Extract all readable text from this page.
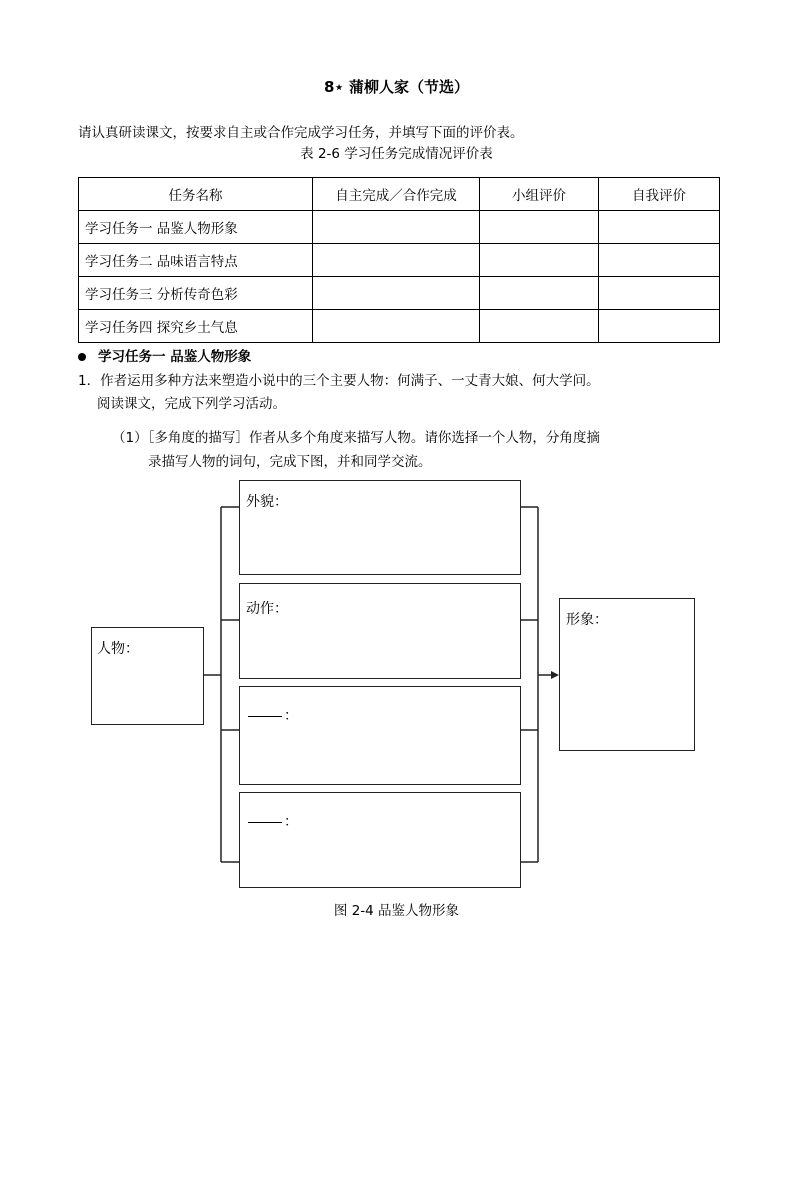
8⋆ 蒲柳人家（节选）
请认真研读课文，按要求自主或合作完成学习任务，并填写下面的评价表。
表 2-6 学习任务完成情况评价表
任务名称	自主完成／合作完成	小组评价	自我评价
学习任务一 品鉴人物形象			
学习任务二 品味语言特点			
学习任务三 分析传奇色彩			
学习任务四 探究乡土气息			
学习任务一 品鉴人物形象
1．作者运用多种方法来塑造小说中的三个主要人物：何满子、一丈青大娘、何大学问。
阅读课文，完成下列学习活动。
（1）［多角度的描写］作者从多个角度来描写人物。请你选择一个人物，分角度摘
录描写人物的词句，完成下图，并和同学交流。
人物：
外貌：
动作：
：
：
形象：
图 2-4 品鉴人物形象
